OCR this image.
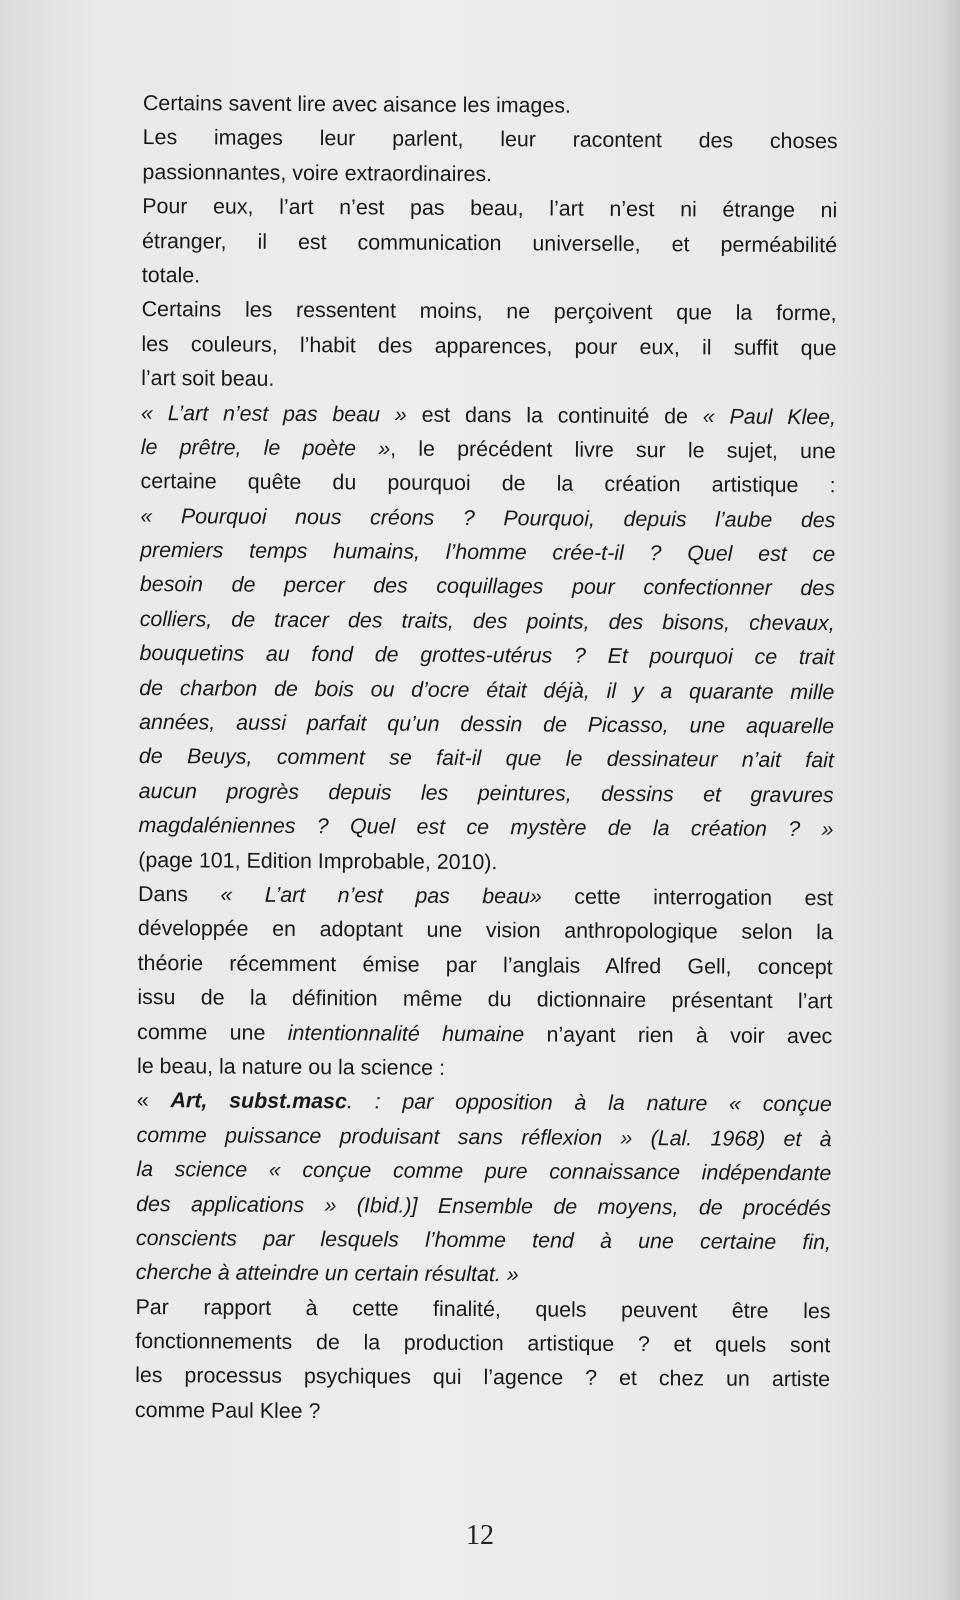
Certains savent lire avec aisance les images.
Les images leur parlent, leur racontent des choses
passionnantes, voire extraordinaires.
Pour eux, l’art n’est pas beau, l’art n’est ni étrange ni
étranger, il est communication universelle, et perméabilité
totale.
Certains les ressentent moins, ne perçoivent que la forme,
les couleurs, l’habit des apparences, pour eux, il suffit que
l’art soit beau.
« L’art n’est pas beau » est dans la continuité de « Paul Klee,
le prêtre, le poète », le précédent livre sur le sujet, une
certaine quête du pourquoi de la création artistique :
« Pourquoi nous créons ? Pourquoi, depuis l’aube des
premiers temps humains, l’homme crée-t-il ? Quel est ce
besoin de percer des coquillages pour confectionner des
colliers, de tracer des traits, des points, des bisons, chevaux,
bouquetins au fond de grottes-utérus ? Et pourquoi ce trait
de charbon de bois ou d’ocre était déjà, il y a quarante mille
années, aussi parfait qu’un dessin de Picasso, une aquarelle
de Beuys, comment se fait-il que le dessinateur n’ait fait
aucun progrès depuis les peintures, dessins et gravures
magdaléniennes ? Quel est ce mystère de la création ? »
(page 101, Edition Improbable, 2010).
Dans « L’art n’est pas beau» cette interrogation est
développée en adoptant une vision anthropologique selon la
théorie récemment émise par l’anglais Alfred Gell, concept
issu de la définition même du dictionnaire présentant l’art
comme une intentionnalité humaine n’ayant rien à voir avec
le beau, la nature ou la science :
« Art, subst.masc. : par opposition à la nature « conçue
comme puissance produisant sans réflexion » (Lal. 1968) et à
la science « conçue comme pure connaissance indépendante
des applications » (Ibid.)] Ensemble de moyens, de procédés
conscients par lesquels l’homme tend à une certaine fin,
cherche à atteindre un certain résultat. »
Par rapport à cette finalité, quels peuvent être les
fonctionnements de la production artistique ? et quels sont
les processus psychiques qui l’agence ? et chez un artiste
comme Paul Klee ?
12
